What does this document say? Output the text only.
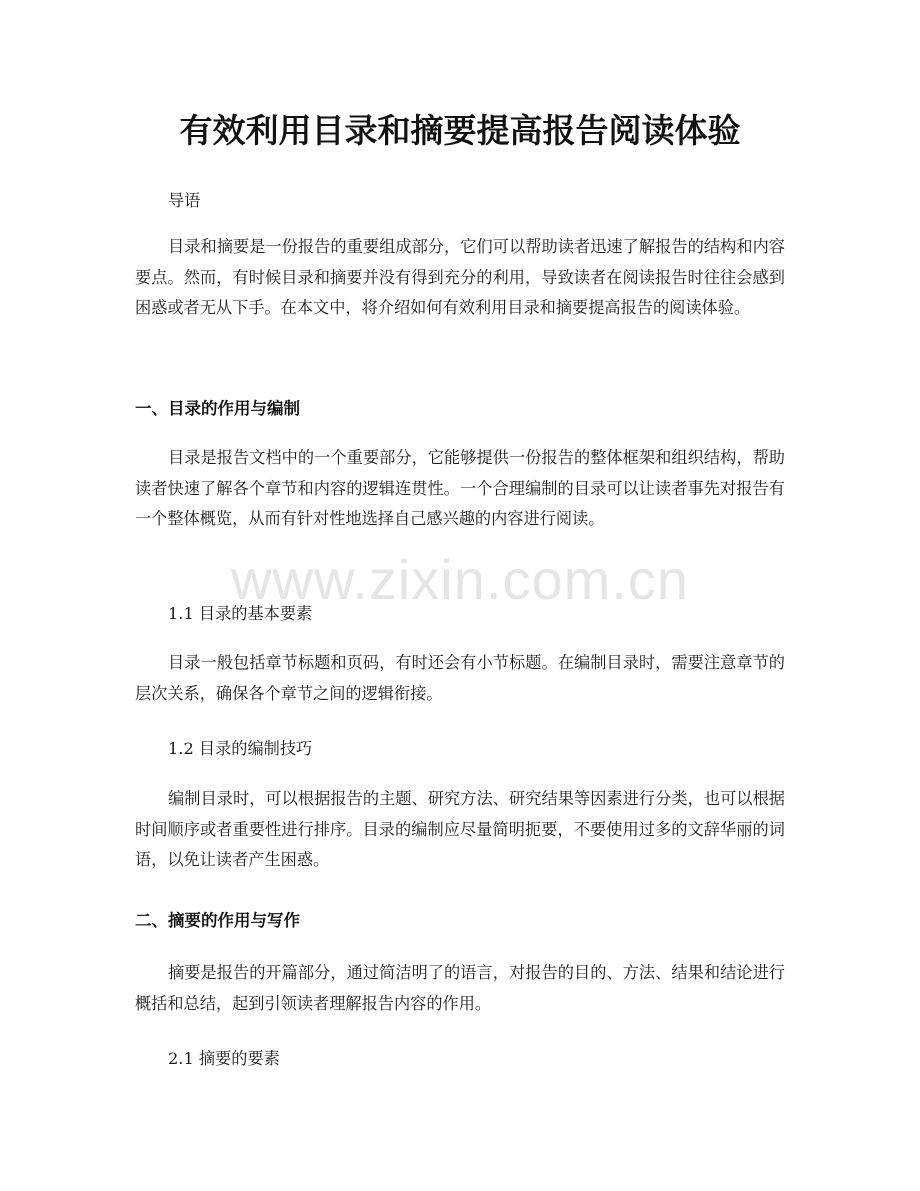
有效利用目录和摘要提高报告阅读体验

导语

目录和摘要是一份报告的重要组成部分，它们可以帮助读者迅速了解报告的结构和内容要点。然而，有时候目录和摘要并没有得到充分的利用，导致读者在阅读报告时往往会感到困惑或者无从下手。在本文中，将介绍如何有效利用目录和摘要提高报告的阅读体验。

一、目录的作用与编制

目录是报告文档中的一个重要部分，它能够提供一份报告的整体框架和组织结构，帮助读者快速了解各个章节和内容的逻辑连贯性。一个合理编制的目录可以让读者事先对报告有一个整体概览，从而有针对性地选择自己感兴趣的内容进行阅读。

1.1 目录的基本要素

目录一般包括章节标题和页码，有时还会有小节标题。在编制目录时，需要注意章节的层次关系，确保各个章节之间的逻辑衔接。

1.2 目录的编制技巧

编制目录时，可以根据报告的主题、研究方法、研究结果等因素进行分类，也可以根据时间顺序或者重要性进行排序。目录的编制应尽量简明扼要，不要使用过多的文辞华丽的词语，以免让读者产生困惑。

二、摘要的作用与写作

摘要是报告的开篇部分，通过简洁明了的语言，对报告的目的、方法、结果和结论进行概括和总结，起到引领读者理解报告内容的作用。

2.1 摘要的要素

www.zixin.com.cn
